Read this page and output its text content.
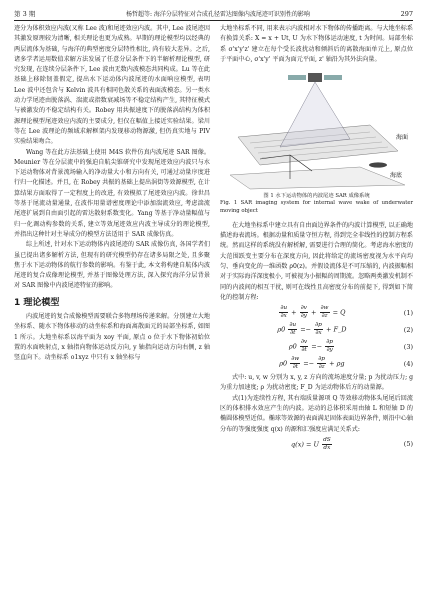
第 3 期	杨哲超等: 海洋分层特征对合成孔径雷达图像内波尾迹可识别性的影响	297

迹分为体积效应内波(又称 Lee 波)和尾迹效应内波。其中, Lee 波尾迹因其激发原理较为清晰, 相关理论也更为成熟。早期的理论模型均以经典的两层流体为基础, 与海洋的典型密度分层特性相比, 尚有较大差异。之后, 诸多学者运用数值求解方法发展了任意分层条件下的半解析理论模型, 研究发现, 在连续分层条件下, Lee 波由无数内波模态共同构成。Lu 等在此基础上移除韧盖假定, 提出水下运动体内波尾迹的水面响应模型, 表明 Lee 波中还包含与 Kelvin 波具有相同色散关系的表面波模态。另一类水动力学尾迹由脱落涡、湍流或指数衰减场等不稳定结构产生, 其特征模式与被激发的不稳定结构有关。Robey 用共振速度下的脱落涡结构为体积源理论模型尾迹效应内波的主要成分, 但仅在幅值上接近实验结果。梁川等在 Lee 波理论的频域求解框架内发现移动物源激, 但仍真实地与 PIV 实验结果吻合。

Wang 等在此方法基础上使用 M4S 软件仿真内波尾迹 SAR 图像。Meunier 等在分层流中的强迫自航尖锥研究中发现尾迹效应内波只与水下运动物体对背景流场输入的净动量大小和方向有关, 可通过动量序度进行归一化描述。并且, 在 Robey 共振的基础上提出涡街等效源模型, 在计算结果方面取得了一定程度上的改进, 有效模拟了尾迹效应内波。徐世昌等基于尾流动量通量, 在波作用量谱密度理论中添加湍流效应, 考虑湍流尾迹扩展到自由面引起的雷达散射系数变化。Yang 等基于净动量幅值与归一化调动构参数的关系, 建立等效尾迹效应内波主导成分的理论模型, 并指出这种针对主导成分的模型方法适用于 SAR 成像仿真。

综上所述, 针对水下运动物体内波尾迹的 SAR 成像仿真, 各国学者们虽已提出诸多解析方法, 但现有的研究模型仍存在诸多局限之处, 且多聚焦于水下运动物体的航行参数的影响。有鉴于此, 本文将构建自航体内波尾迹的复合成像理论模型, 并基于图像处理方法, 深入探究海洋分层背景对 SAR 图像中内波尾迹特征的影响。

1 理论模型

内波尾迹的复合成像模型需要联合多物理场传递来解。分别建立大地坐标系、随水下物体移动的动坐标系和海面离散面元的局部坐标系, 如图 1 所示。大地坐标系以海平面为 xoy 平面, 原点 o 位于水下物体初始位置的水面映射点, x 轴指向物体运动反方向, y 轴指向运动方向右侧, z 轴竖直向下。动坐标系 o1xyz 中只有 x 轴坐标与

大地坐标系不同, 用来表示内波相对水下物体的传播距离。与大地坐标系有换算关系: X = x + Ut, U 为水下物体运动速度, t 为时间。局部坐标系 σ'x'y'z' 建立在每个受长波扰动和倾斜后的离散海面单元上, 原点位于平面中心, σ'x'y' 平面为面元平面, z' 轴沿为其外法向量。

海面
海底
图 1 水下运动物体的内波尾迹 SAR 成像系统
Fig. 1 SAR imaging system for internal wave wake of underwater moving object

在大地坐标系中建立具有自由面边界条件的内波计算模型, 以正确地描述海表流场。根据动量和质量守恒方程, 得到完全非线性的控制方程系统。然而这样的系统没有解析解, 需要进行合理的简化。考虑海水密度的大范围跃变主要分布在深度方向, 因此将给定的流场密度视为水平向均匀、垂向变化的一维函数 ρ0(z)。并假设流体是不可压缩的, 内波振幅相对于实际海洋深度极小, 可被视为小振幅的周期流。忽略两类激发机制不同的内波间的相互干扰, 则可在线性且高密度分布的前提下, 得到如下简化的控制方程:

$\frac{\partial u}{\partial x} + \frac{\partial v}{\partial y} + \frac{\partial w}{\partial z} = Q$	(1)
$\rho 0 \frac{\partial u}{\partial t} =- \frac{\partial p}{\partial x}$ + F_D	(2)
$\rho 0 \frac{\partial v}{\partial t} =- \frac{\partial p}{\partial y}$	(3)
$\rho 0 \frac{\partial w}{\partial t} =- \frac{\partial p}{\partial z} + \rho g$	(4)

式中: u, v, w 分别为 x, y, z 方向的流场速度分量; p 为扰动压力; g 为重力加速度; ρ 为扰动密度; F_D 为运动物体后方的动量源。

式(1)为连续性方程, 其右端质量源项 Q 等效移动物体头尾尾后回流区的体积排水效应产生的内波。运动的总体积采用由轴 L 和短轴 D 的椭圆体模型近似。椭球等效源的表面满足固体表面边界条件, 则沿中心轴分布的等强度强度 q(x) 的源和汇强度应满足关系式:

q(x) = U $\frac{dS}{dx}$	(5)
